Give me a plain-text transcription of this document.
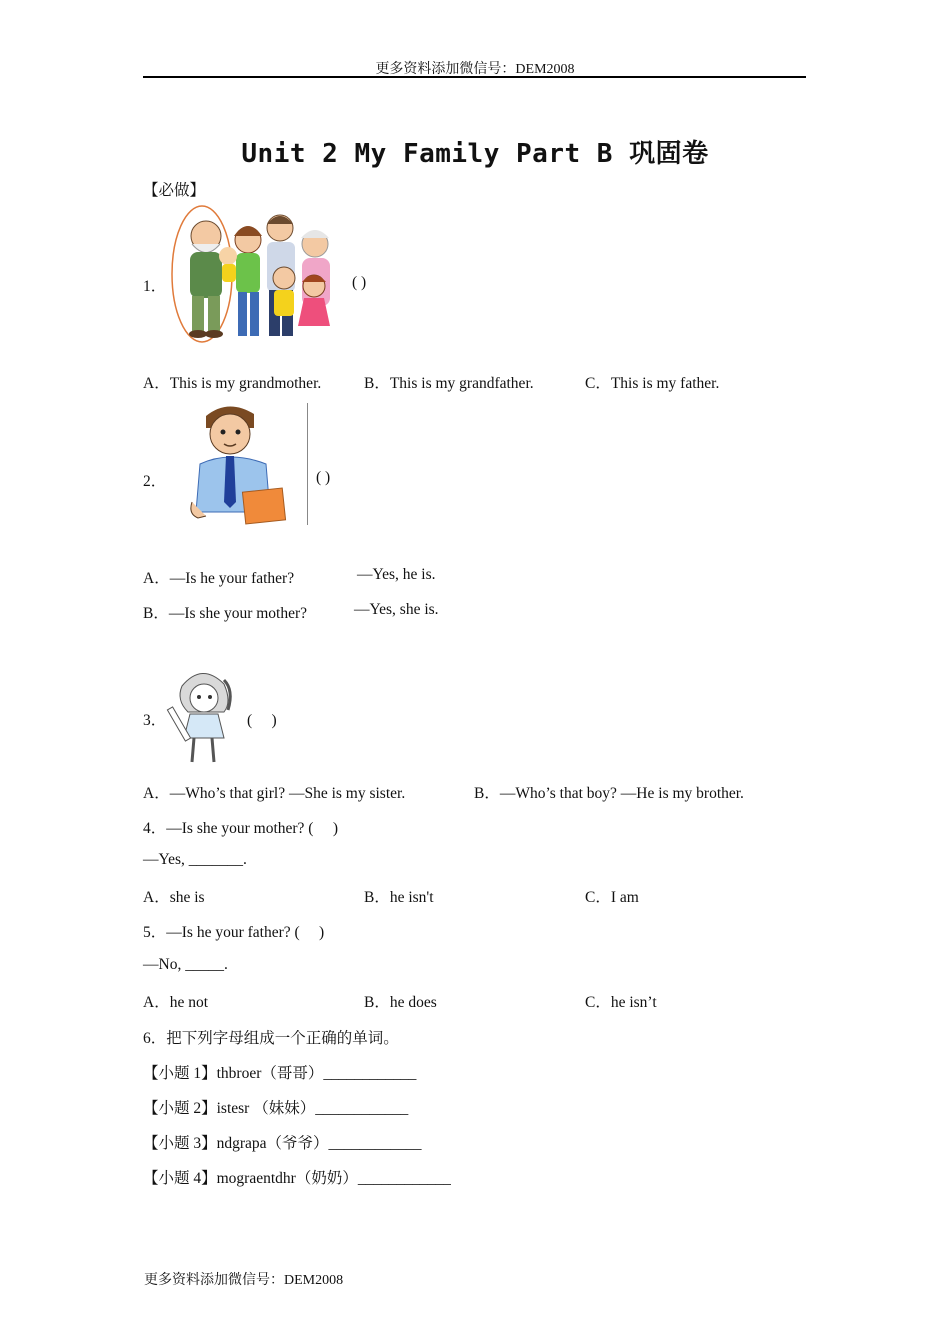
更多资料添加微信号：DEM2008
Unit 2 My Family Part B 巩固卷
【必做】
1．	( )
A．This is my grandmother.	B．This is my grandfather.	C．This is my father.
2．	( )
A．—Is he your father?	—Yes, he is.
B．—Is she your mother?	—Yes, she is.
3．	(　 )
A．—Who’s that girl? —She is my sister.	B．—Who’s that boy? —He is my brother.
4．—Is she your mother? (　 )
—Yes, _______.
A．she is	B．he isn't	C．I am
5．—Is he your father? (　 )
—No, _____.
A．he not	B．he does	C．he isn’t
6．把下列字母组成一个正确的单词。
【小题 1】thbroer（哥哥）____________
【小题 2】istesr （妹妹）____________
【小题 3】ndgrapa（爷爷）____________
【小题 4】mograentdhr（奶奶）____________
更多资料添加微信号：DEM2008
